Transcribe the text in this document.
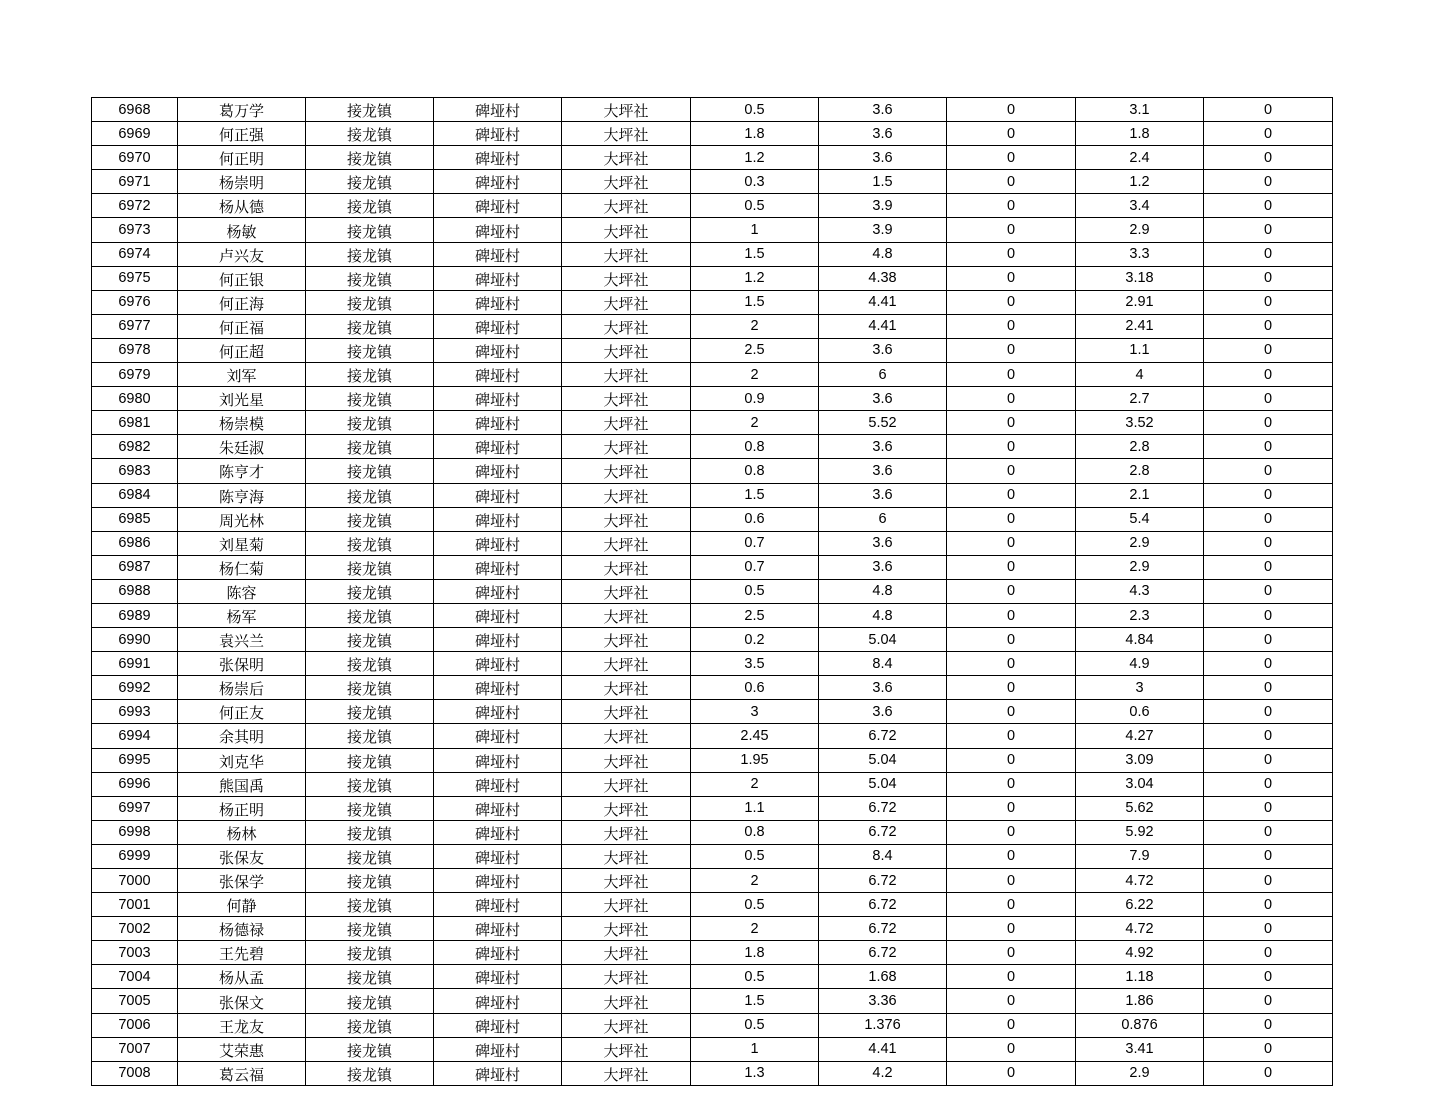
6968	葛万学	接龙镇	碑垭村	大坪社	0.5	3.6	0	3.1	0
6969	何正强	接龙镇	碑垭村	大坪社	1.8	3.6	0	1.8	0
6970	何正明	接龙镇	碑垭村	大坪社	1.2	3.6	0	2.4	0
6971	杨崇明	接龙镇	碑垭村	大坪社	0.3	1.5	0	1.2	0
6972	杨从德	接龙镇	碑垭村	大坪社	0.5	3.9	0	3.4	0
6973	杨敏	接龙镇	碑垭村	大坪社	1	3.9	0	2.9	0
6974	卢兴友	接龙镇	碑垭村	大坪社	1.5	4.8	0	3.3	0
6975	何正银	接龙镇	碑垭村	大坪社	1.2	4.38	0	3.18	0
6976	何正海	接龙镇	碑垭村	大坪社	1.5	4.41	0	2.91	0
6977	何正福	接龙镇	碑垭村	大坪社	2	4.41	0	2.41	0
6978	何正超	接龙镇	碑垭村	大坪社	2.5	3.6	0	1.1	0
6979	刘军	接龙镇	碑垭村	大坪社	2	6	0	4	0
6980	刘光星	接龙镇	碑垭村	大坪社	0.9	3.6	0	2.7	0
6981	杨崇模	接龙镇	碑垭村	大坪社	2	5.52	0	3.52	0
6982	朱廷淑	接龙镇	碑垭村	大坪社	0.8	3.6	0	2.8	0
6983	陈亨才	接龙镇	碑垭村	大坪社	0.8	3.6	0	2.8	0
6984	陈亨海	接龙镇	碑垭村	大坪社	1.5	3.6	0	2.1	0
6985	周光林	接龙镇	碑垭村	大坪社	0.6	6	0	5.4	0
6986	刘星菊	接龙镇	碑垭村	大坪社	0.7	3.6	0	2.9	0
6987	杨仁菊	接龙镇	碑垭村	大坪社	0.7	3.6	0	2.9	0
6988	陈容	接龙镇	碑垭村	大坪社	0.5	4.8	0	4.3	0
6989	杨军	接龙镇	碑垭村	大坪社	2.5	4.8	0	2.3	0
6990	袁兴兰	接龙镇	碑垭村	大坪社	0.2	5.04	0	4.84	0
6991	张保明	接龙镇	碑垭村	大坪社	3.5	8.4	0	4.9	0
6992	杨崇后	接龙镇	碑垭村	大坪社	0.6	3.6	0	3	0
6993	何正友	接龙镇	碑垭村	大坪社	3	3.6	0	0.6	0
6994	余其明	接龙镇	碑垭村	大坪社	2.45	6.72	0	4.27	0
6995	刘克华	接龙镇	碑垭村	大坪社	1.95	5.04	0	3.09	0
6996	熊国禹	接龙镇	碑垭村	大坪社	2	5.04	0	3.04	0
6997	杨正明	接龙镇	碑垭村	大坪社	1.1	6.72	0	5.62	0
6998	杨林	接龙镇	碑垭村	大坪社	0.8	6.72	0	5.92	0
6999	张保友	接龙镇	碑垭村	大坪社	0.5	8.4	0	7.9	0
7000	张保学	接龙镇	碑垭村	大坪社	2	6.72	0	4.72	0
7001	何静	接龙镇	碑垭村	大坪社	0.5	6.72	0	6.22	0
7002	杨德禄	接龙镇	碑垭村	大坪社	2	6.72	0	4.72	0
7003	王先碧	接龙镇	碑垭村	大坪社	1.8	6.72	0	4.92	0
7004	杨从孟	接龙镇	碑垭村	大坪社	0.5	1.68	0	1.18	0
7005	张保文	接龙镇	碑垭村	大坪社	1.5	3.36	0	1.86	0
7006	王龙友	接龙镇	碑垭村	大坪社	0.5	1.376	0	0.876	0
7007	艾荣惠	接龙镇	碑垭村	大坪社	1	4.41	0	3.41	0
7008	葛云福	接龙镇	碑垭村	大坪社	1.3	4.2	0	2.9	0
